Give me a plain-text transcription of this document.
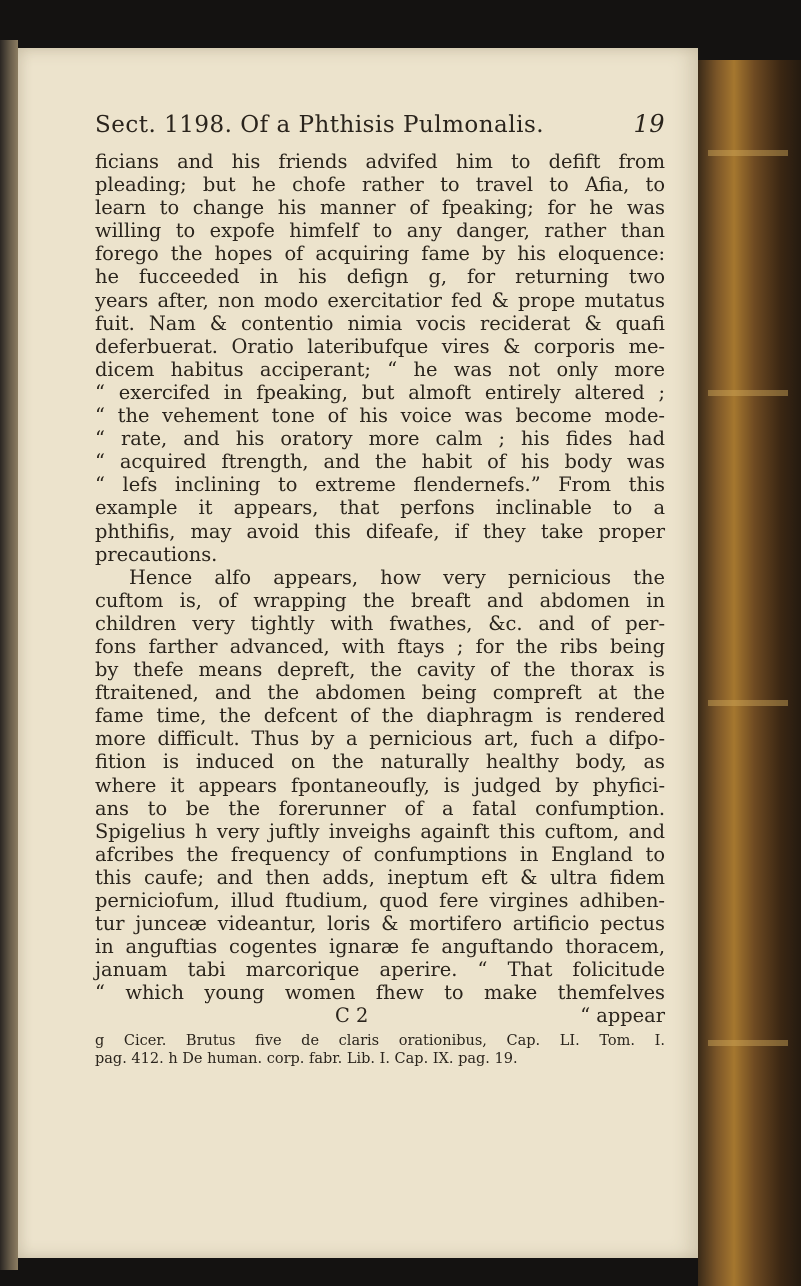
Sect. 1198. Of a Phthisis Pulmonalis.	19
ficians and his friends advifed him to defift from
pleading; but he chofe rather to travel to Afia, to
learn to change his manner of fpeaking; for he was
willing to expofe himfelf to any danger, rather than
forego the hopes of acquiring fame by his eloquence:
he fucceeded in his defign g, for returning two
years after, non modo exercitatior fed & prope mutatus
fuit. Nam & contentio nimia vocis reciderat & quafi
deferbuerat. Oratio lateribufque vires & corporis me-
dicem habitus acciperant; “ he was not only more
“ exercifed in fpeaking, but almoft entirely altered ;
“ the vehement tone of his voice was become mode-
“ rate, and his oratory more calm ; his fides had
“ acquired ftrength, and the habit of his body was
“ lefs inclining to extreme flendernefs.” From this
example it appears, that perfons inclinable to a
phthifis, may avoid this difeafe, if they take proper
precautions.
Hence alfo appears, how very pernicious the
cuftom is, of wrapping the breaft and abdomen in
children very tightly with fwathes, &c. and of per-
fons farther advanced, with ftays ; for the ribs being
by thefe means depreft, the cavity of the thorax is
ftraitened, and the abdomen being compreft at the
fame time, the defcent of the diaphragm is rendered
more difficult. Thus by a pernicious art, fuch a difpo-
fition is induced on the naturally healthy body, as
where it appears fpontaneoufly, is judged by phyfici-
ans to be the forerunner of a fatal confumption.
Spigelius h very juftly inveighs againft this cuftom, and
afcribes the frequency of confumptions in England to
this caufe; and then adds, ineptum eft & ultra fidem
perniciofum, illud ftudium, quod fere virgines adhiben-
tur junceæ videantur, loris & mortifero artificio pectus
in anguftias cogentes ignaræ fe anguftando thoracem,
januam tabi marcorique aperire. “ That folicitude
“ which young women fhew to make themfelves
C 2	“ appear
g Cicer. Brutus five de claris orationibus, Cap. LI. Tom. I.
pag. 412. h De human. corp. fabr. Lib. I. Cap. IX. pag. 19.
